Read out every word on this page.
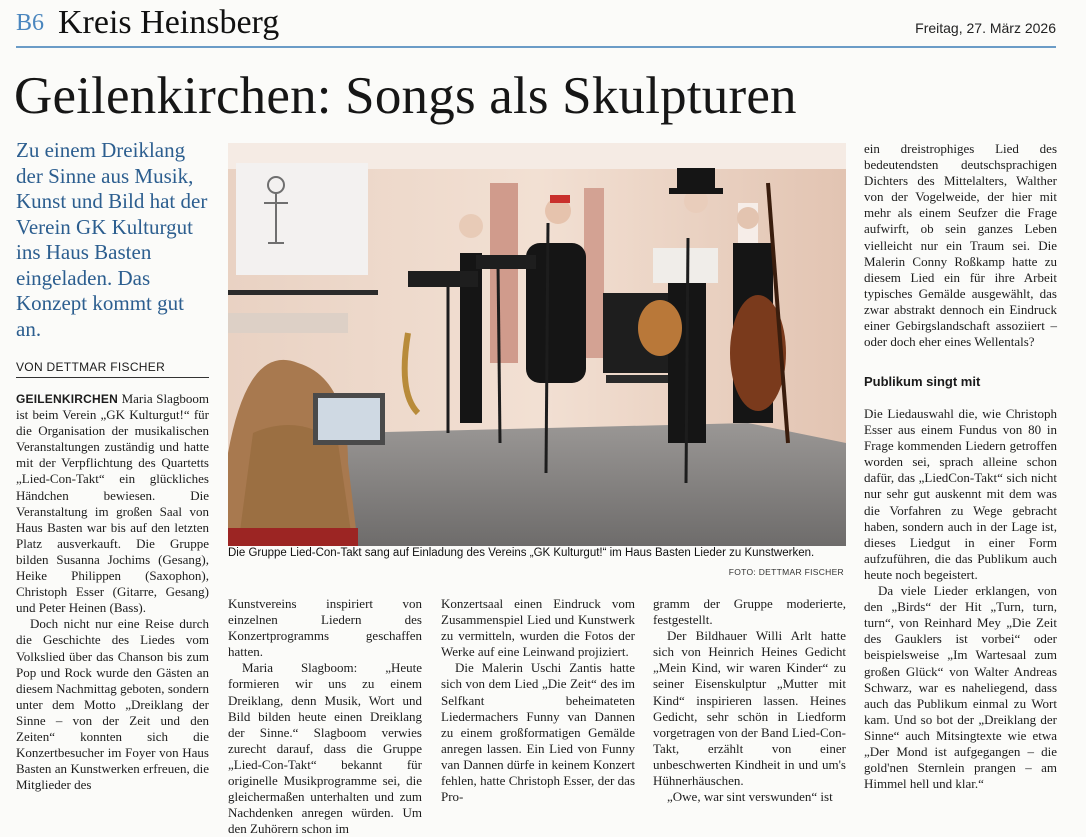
B6 Kreis Heinsberg	Freitag, 27. März 2026
Geilenkirchen: Songs als Skulpturen
Zu einem Dreiklang der Sinne aus Musik, Kunst und Bild hat der Verein GK Kulturgut ins Haus Basten eingeladen. Das Konzept kommt gut an.
VON DETTMAR FISCHER

GEILENKIRCHEN Maria Slagboom ist beim Verein „GK Kulturgut!“ für die Organisation der musikalischen Veranstaltungen zuständig und hatte mit der Verpflichtung des Quartetts „Lied-Con-Takt“ ein glückliches Händchen bewiesen. Die Veranstaltung im großen Saal von Haus Basten war bis auf den letzten Platz ausverkauft. Die Gruppe bilden Susanna Jochims (Gesang), Heike Philippen (Saxophon), Christoph Esser (Gitarre, Gesang) und Peter Heinen (Bass).

Doch nicht nur eine Reise durch die Geschichte des Liedes vom Volkslied über das Chanson bis zum Pop und Rock wurde den Gästen an diesem Nachmittag geboten, sondern unter dem Motto „Dreiklang der Sinne – von der Zeit und den Zeiten“ konnten sich die Konzertbesucher im Foyer von Haus Basten an Kunstwerken erfreuen, die Mitglieder des

Die Gruppe Lied-Con-Takt sang auf Einladung des Vereins „GK Kulturgut!“ im Haus Basten Lieder zu Kunstwerken.
FOTO: DETTMAR FISCHER

Kunstvereins inspiriert von einzelnen Liedern des Konzertprogramms geschaffen hatten.

Maria Slagboom: „Heute formieren wir uns zu einem Dreiklang, denn Musik, Wort und Bild bilden heute einen Dreiklang der Sinne.“ Slagboom verwies zurecht darauf, dass die Gruppe „Lied-Con-Takt“ bekannt für originelle Musikprogramme sei, die gleichermaßen unterhalten und zum Nachdenken anregen würden. Um den Zuhörern schon im

Konzertsaal einen Eindruck vom Zusammenspiel Lied und Kunstwerk zu vermitteln, wurden die Fotos der Werke auf eine Leinwand projiziert.

Die Malerin Uschi Zantis hatte sich von dem Lied „Die Zeit“ des im Selfkant beheimateten Liedermachers Funny van Dannen zu einem großformatigen Gemälde anregen lassen. Ein Lied von Funny van Dannen dürfe in keinem Konzert fehlen, hatte Christoph Esser, der das Pro-

gramm der Gruppe moderierte, festgestellt.

Der Bildhauer Willi Arlt hatte sich von Heinrich Heines Gedicht „Mein Kind, wir waren Kinder“ zu seiner Eisenskulptur „Mutter mit Kind“ inspirieren lassen. Heines Gedicht, sehr schön in Liedform vorgetragen von der Band Lied-Con-Takt, erzählt von einer unbeschwerten Kindheit in und um's Hühnerhäuschen.

„Owe, war sint verswunden“ ist

ein dreistrophiges Lied des bedeutendsten deutschsprachigen Dichters des Mittelalters, Walther von der Vogelweide, der hier mit mehr als einem Seufzer die Frage aufwirft, ob sein ganzes Leben vielleicht nur ein Traum sei. Die Malerin Conny Roßkamp hatte zu diesem Lied ein für ihre Arbeit typisches Gemälde ausgewählt, das zwar abstrakt dennoch ein Eindruck einer Gebirgslandschaft assoziiert – oder doch eher eines Wellentals?

Publikum singt mit

Die Liedauswahl die, wie Christoph Esser aus einem Fundus von 80 in Frage kommenden Liedern getroffen worden sei, sprach alleine schon dafür, das „LiedCon-Takt“ sich nicht nur sehr gut auskennt mit dem was die Vorfahren zu Wege gebracht haben, sondern auch in der Lage ist, dieses Liedgut in einer Form aufzuführen, die das Publikum auch heute noch begeistert.

Da viele Lieder erklangen, von den „Birds“ der Hit „Turn, turn, turn“, von Reinhard Mey „Die Zeit des Gauklers ist vorbei“ oder beispielsweise „Im Wartesaal zum großen Glück“ von Walter Andreas Schwarz, war es naheliegend, dass auch das Publikum einmal zu Wort kam. Und so bot der „Dreiklang der Sinne“ auch Mitsingtexte wie etwa „Der Mond ist aufgegangen – die gold'nen Sternlein prangen – am Himmel hell und klar.“
